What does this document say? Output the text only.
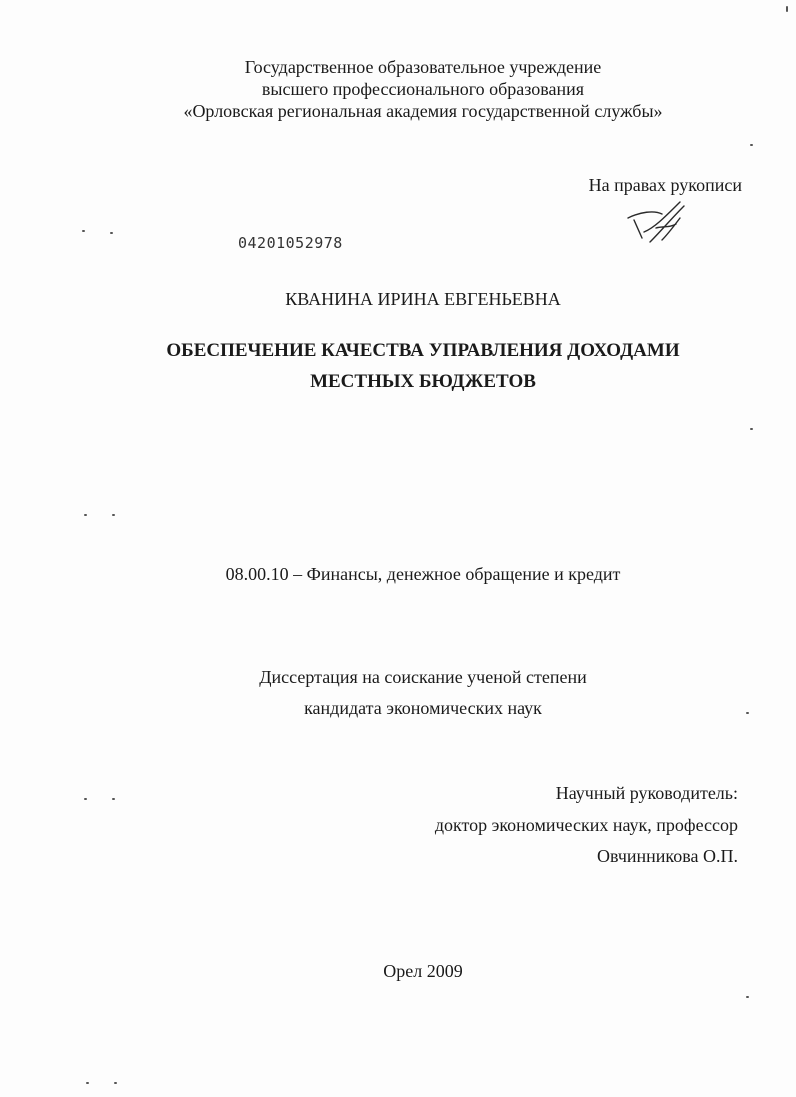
Государственное образовательное учреждение
высшего профессионального образования
«Орловская региональная академия государственной службы»
На правах рукописи
04201052978
КВАНИНА ИРИНА ЕВГЕНЬЕВНА
ОБЕСПЕЧЕНИЕ КАЧЕСТВА УПРАВЛЕНИЯ ДОХОДАМИ
МЕСТНЫХ БЮДЖЕТОВ
08.00.10 – Финансы, денежное обращение и кредит
Диссертация на соискание ученой степени
кандидата экономических наук
Научный руководитель:
доктор экономических наук, профессор
Овчинникова О.П.
Орел 2009
